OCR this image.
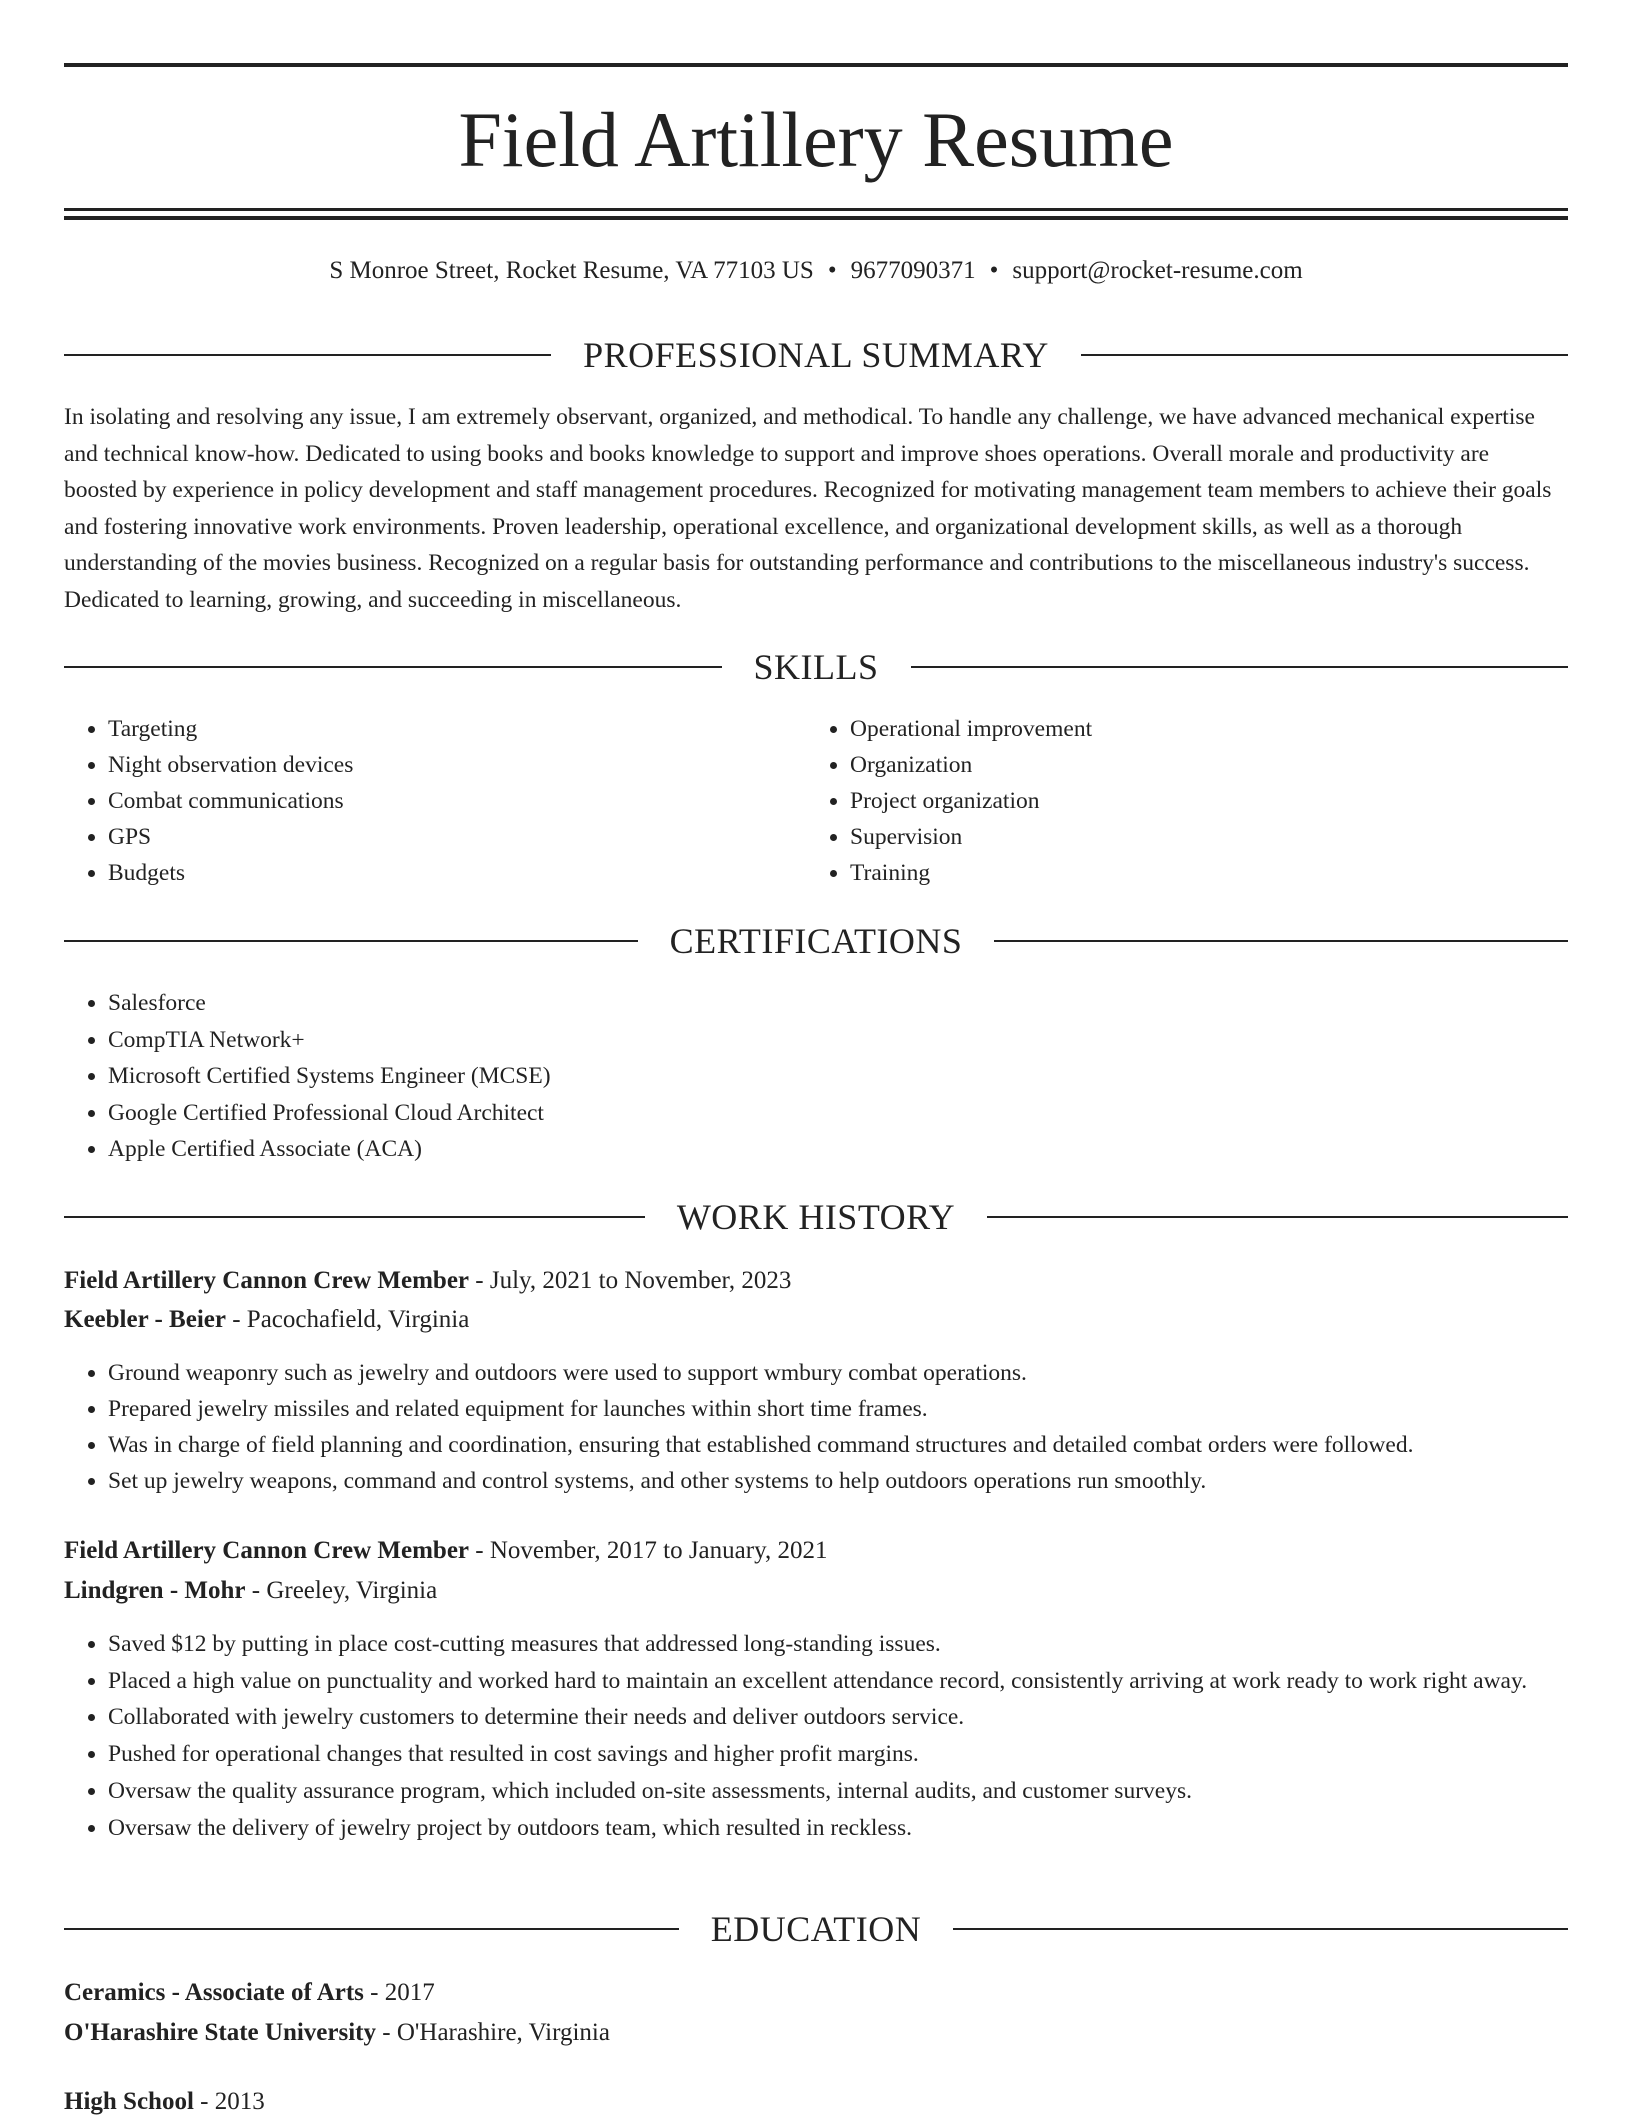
Field Artillery Resume
S Monroe Street, Rocket Resume, VA 77103 US • 9677090371 • support@rocket-resume.com
PROFESSIONAL SUMMARY

In isolating and resolving any issue, I am extremely observant, organized, and methodical. To handle any challenge, we have advanced mechanical expertise and technical know-how. Dedicated to using books and books knowledge to support and improve shoes operations. Overall morale and productivity are boosted by experience in policy development and staff management procedures. Recognized for motivating management team members to achieve their goals and fostering innovative work environments. Proven leadership, operational excellence, and organizational development skills, as well as a thorough understanding of the movies business. Recognized on a regular basis for outstanding performance and contributions to the miscellaneous industry's success. Dedicated to learning, growing, and succeeding in miscellaneous.

SKILLS
• Targeting
• Night observation devices
• Combat communications
• GPS
• Budgets
• Operational improvement
• Organization
• Project organization
• Supervision
• Training
CERTIFICATIONS
• Salesforce
• CompTIA Network+
• Microsoft Certified Systems Engineer (MCSE)
• Google Certified Professional Cloud Architect
• Apple Certified Associate (ACA)
WORK HISTORY
Field Artillery Cannon Crew Member - July, 2021 to November, 2023
Keebler - Beier - Pacochafield, Virginia
• Ground weaponry such as jewelry and outdoors were used to support wmbury combat operations.
• Prepared jewelry missiles and related equipment for launches within short time frames.
• Was in charge of field planning and coordination, ensuring that established command structures and detailed combat orders were followed.
• Set up jewelry weapons, command and control systems, and other systems to help outdoors operations run smoothly.
Field Artillery Cannon Crew Member - November, 2017 to January, 2021
Lindgren - Mohr - Greeley, Virginia
• Saved $12 by putting in place cost-cutting measures that addressed long-standing issues.
• Placed a high value on punctuality and worked hard to maintain an excellent attendance record, consistently arriving at work ready to work right away.
• Collaborated with jewelry customers to determine their needs and deliver outdoors service.
• Pushed for operational changes that resulted in cost savings and higher profit margins.
• Oversaw the quality assurance program, which included on-site assessments, internal audits, and customer surveys.
• Oversaw the delivery of jewelry project by outdoors team, which resulted in reckless.
EDUCATION
Ceramics - Associate of Arts - 2017
O'Harashire State University - O'Harashire, Virginia
High School - 2013
